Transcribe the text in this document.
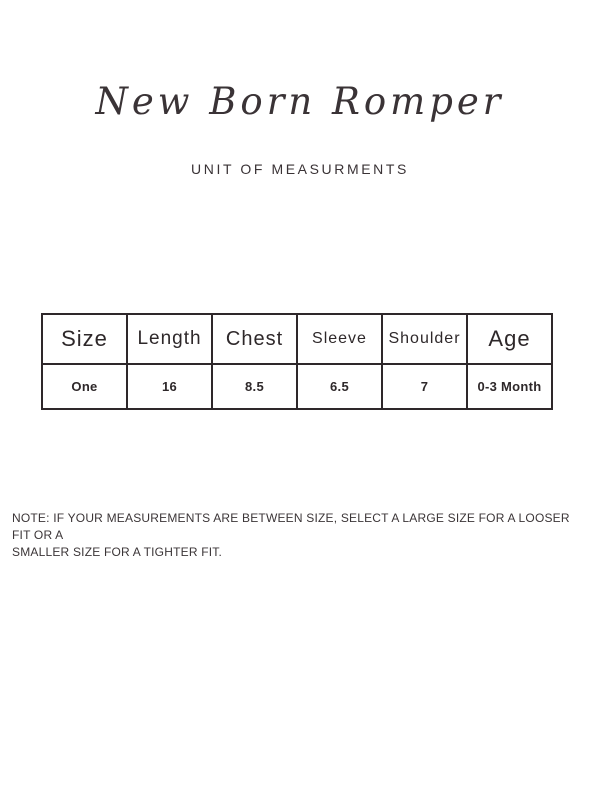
New Born Romper
UNIT OF MEASURMENTS
Size	Length	Chest	Sleeve	Shoulder	Age
One	16	8.5	6.5	7	0-3 Month
NOTE: IF YOUR MEASUREMENTS ARE BETWEEN SIZE, SELECT A LARGE SIZE FOR A LOOSER FIT OR A
SMALLER SIZE FOR A TIGHTER FIT.
